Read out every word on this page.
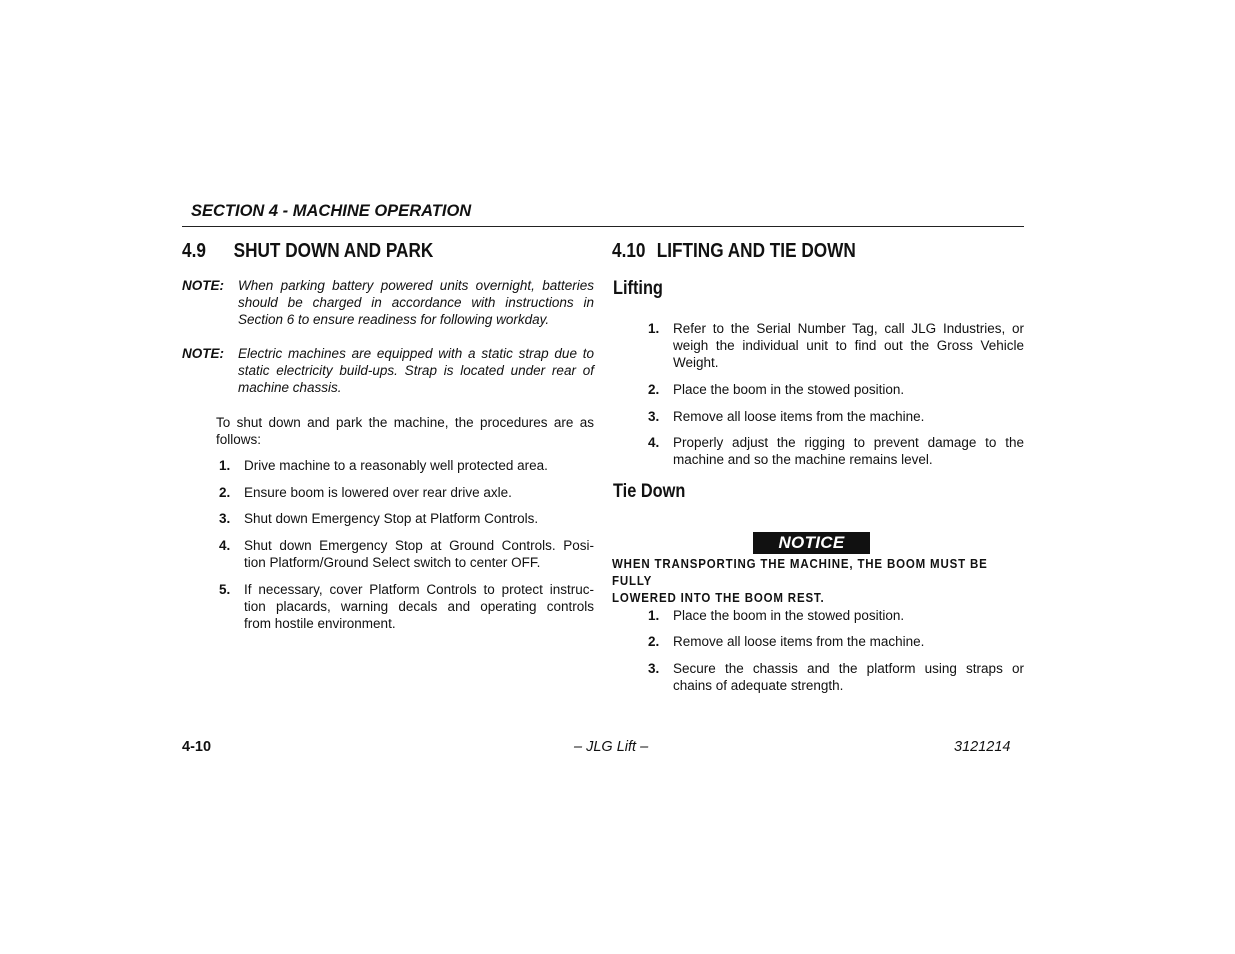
SECTION 4 - MACHINE OPERATION
4.9 SHUT DOWN AND PARK
NOTE: When parking battery powered units overnight, batteries
should be charged in accordance with instructions in
Section 6 to ensure readiness for following workday.
NOTE: Electric machines are equipped with a static strap due to
static electricity build-ups. Strap is located under rear of
machine chassis.
To shut down and park the machine, the procedures are as
follows:
1.	Drive machine to a reasonably well protected area.
2.	Ensure boom is lowered over rear drive axle.
3.	Shut down Emergency Stop at Platform Controls.
4.	Shut down Emergency Stop at Ground Controls. Posi-
tion Platform/Ground Select switch to center OFF.
5.	If necessary, cover Platform Controls to protect instruc-
tion placards, warning decals and operating controls
from hostile environment.
4.10 LIFTING AND TIE DOWN
Lifting
1.	Refer to the Serial Number Tag, call JLG Industries, or
weigh the individual unit to find out the Gross Vehicle
Weight.
2.	Place the boom in the stowed position.
3.	Remove all loose items from the machine.
4.	Properly adjust the rigging to prevent damage to the
machine and so the machine remains level.
Tie Down
NOTICE
WHEN TRANSPORTING THE MACHINE, THE BOOM MUST BE FULLY
LOWERED INTO THE BOOM REST.
1.	Place the boom in the stowed position.
2.	Remove all loose items from the machine.
3.	Secure the chassis and the platform using straps or
chains of adequate strength.
4-10	– JLG Lift –	3121214
